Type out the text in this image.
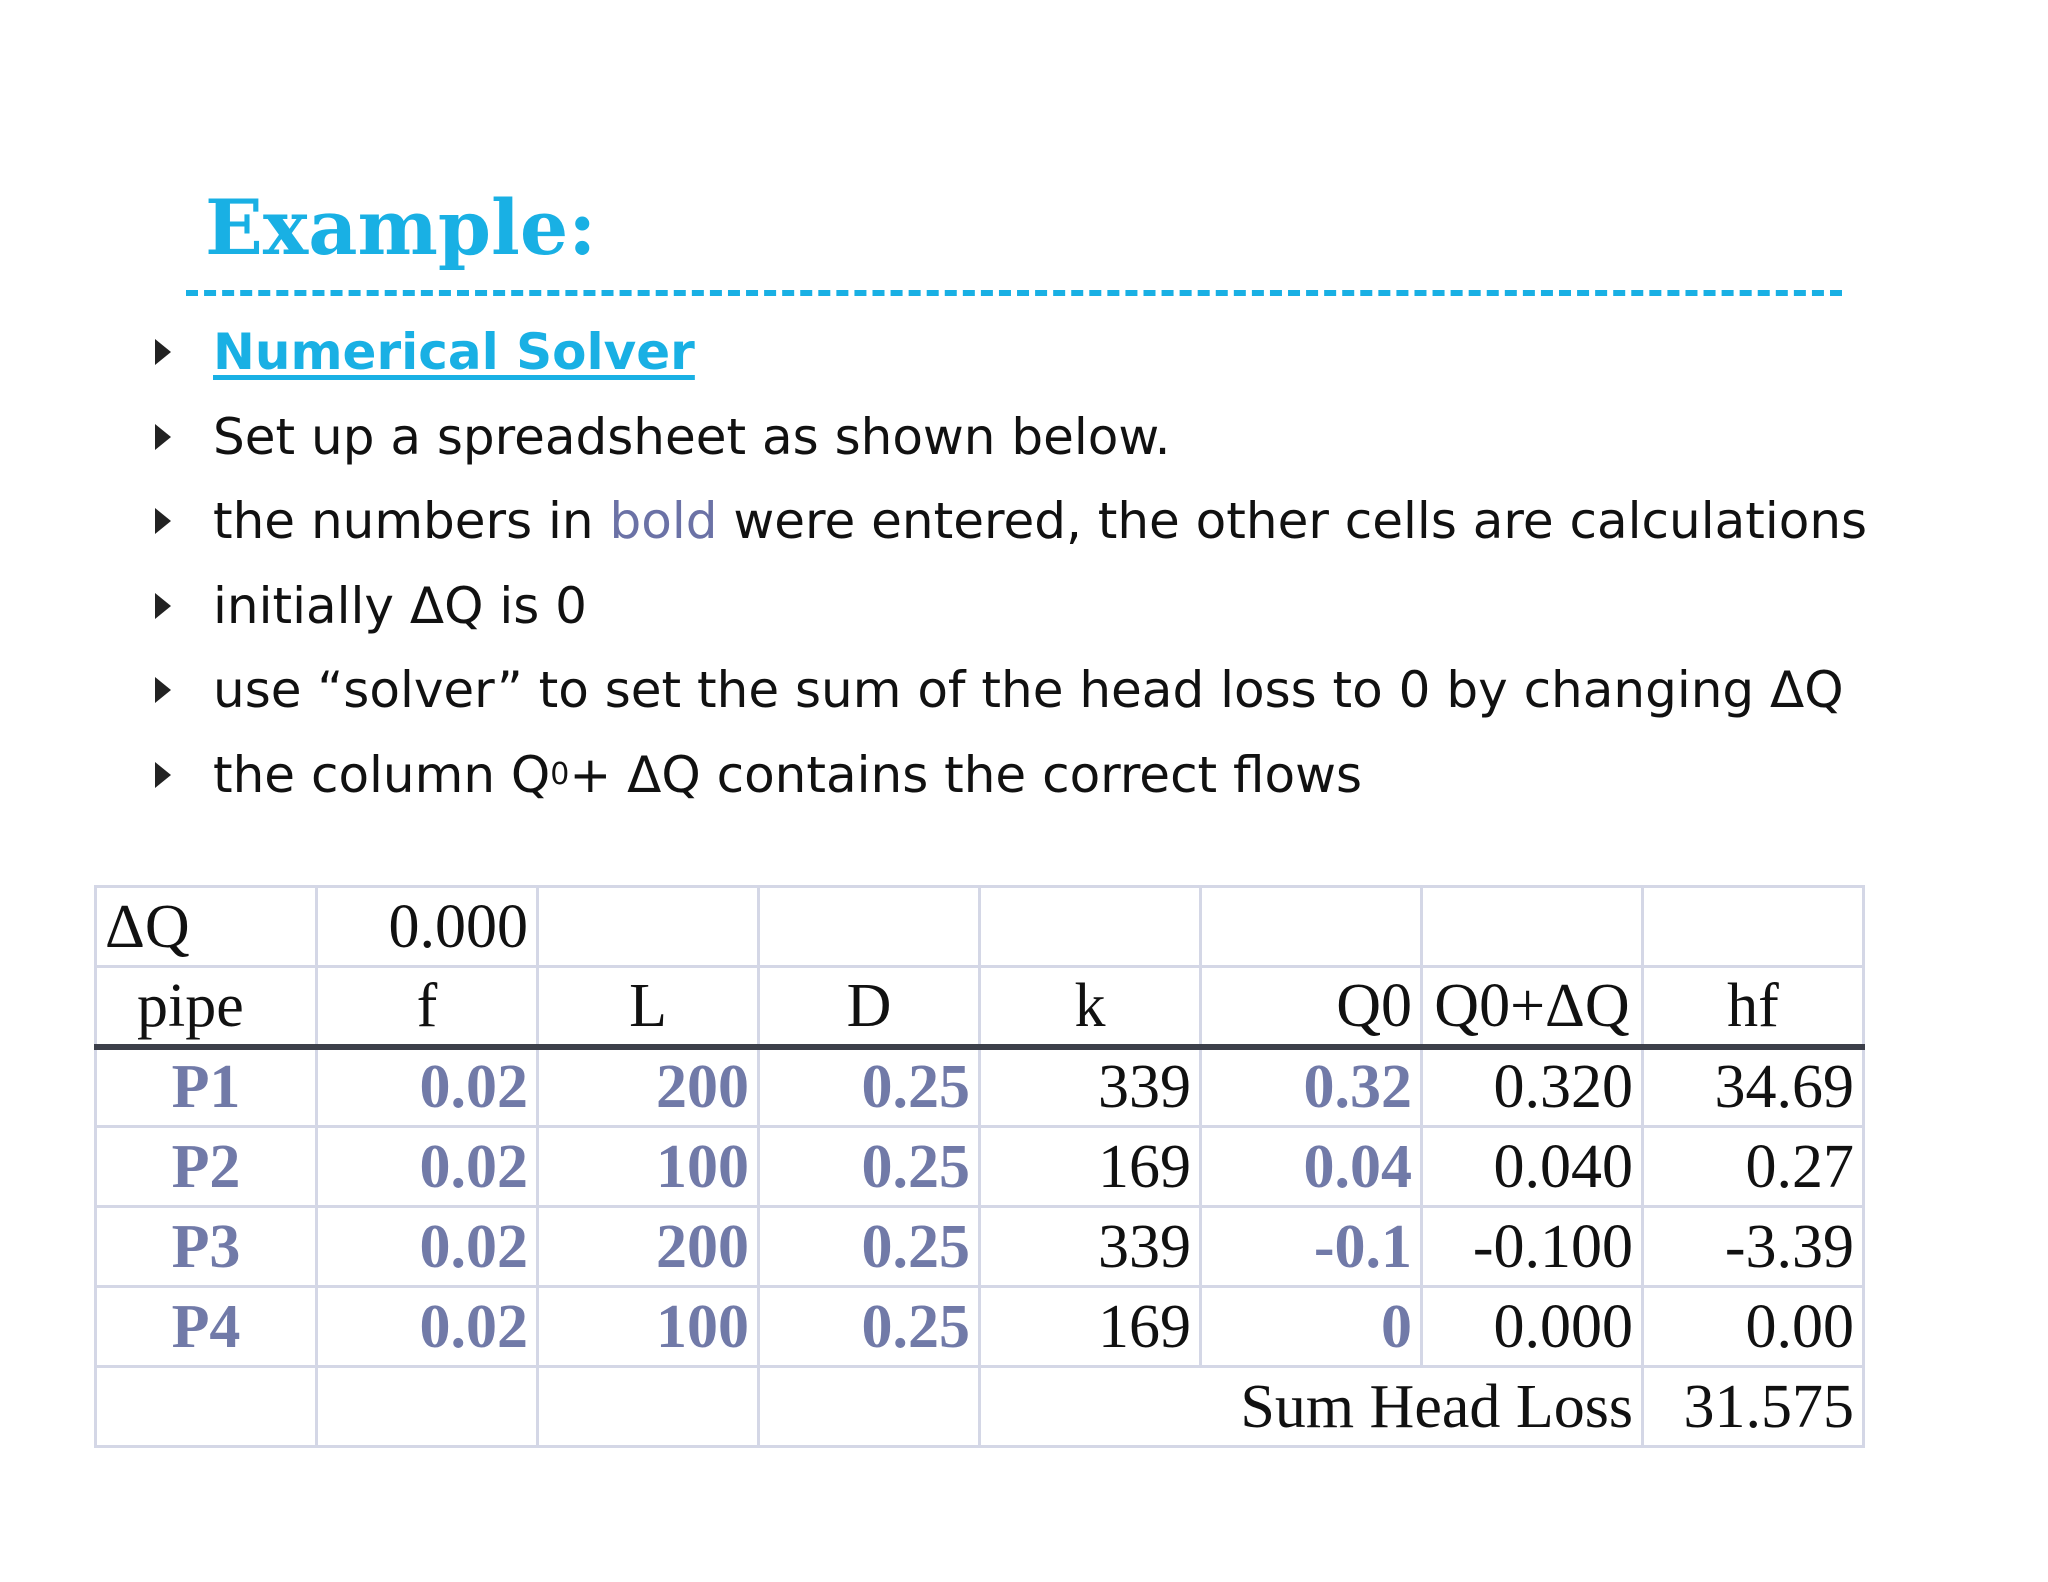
Example:
Numerical Solver
Set up a spreadsheet as shown below.
the numbers in
bold
were entered, the other cells are calculations
initially ΔQ is 0
use “solver” to set the sum of the head loss to 0 by changing ΔQ
the column Q 0 + ΔQ contains the correct flows
ΔQ	0.000						
pipe	f	L	D	k	Q0	Q0+ΔQ	hf
P1	0.02	200	0.25	339	0.32	0.320	34.69
P2	0.02	100	0.25	169	0.04	0.040	0.27
P3	0.02	200	0.25	339	-0.1	-0.100	-3.39
P4	0.02	100	0.25	169	0	0.000	0.00
				Sum Head Loss			31.575
